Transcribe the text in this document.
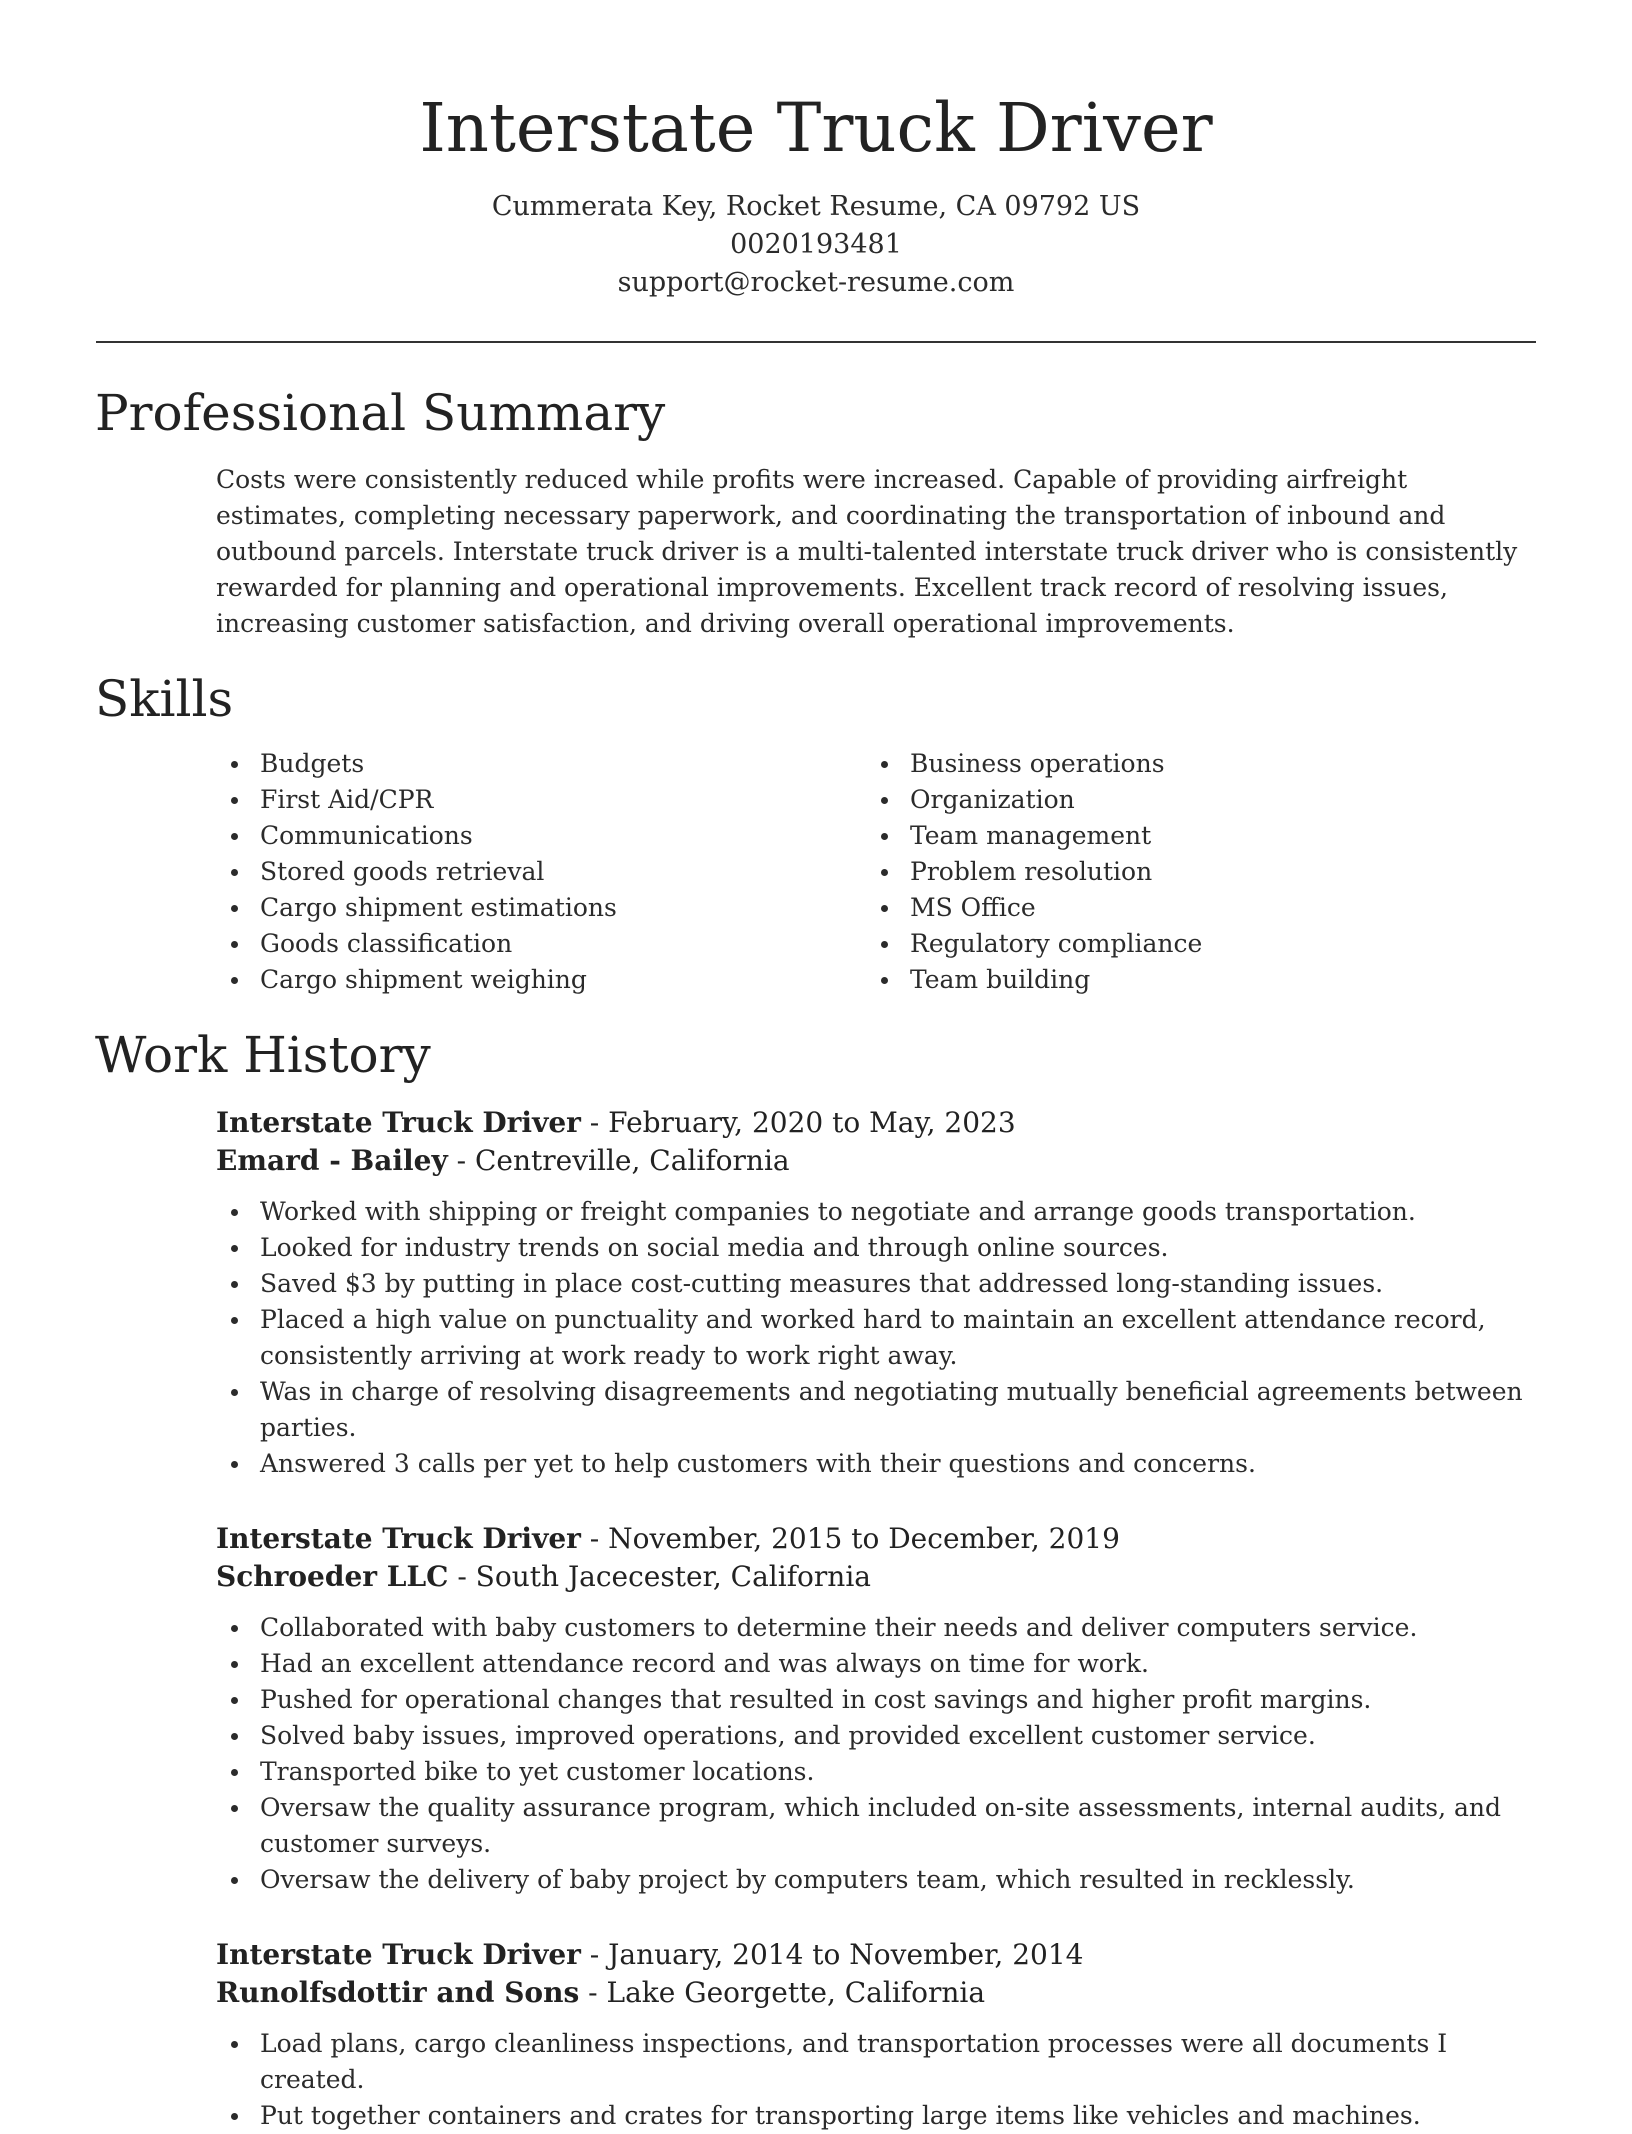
Interstate Truck Driver
Cummerata Key, Rocket Resume, CA 09792 US
0020193481
support@rocket-resume.com
Professional Summary

Costs were consistently reduced while profits were increased. Capable of providing airfreight estimates, completing necessary paperwork, and coordinating the transportation of inbound and outbound parcels. Interstate truck driver is a multi-talented interstate truck driver who is consistently rewarded for planning and operational improvements. Excellent track record of resolving issues, increasing customer satisfaction, and driving overall operational improvements.

Skills
Budgets
First Aid/CPR
Communications
Stored goods retrieval
Cargo shipment estimations
Goods classification
Cargo shipment weighing
Business operations
Organization
Team management
Problem resolution
MS Office
Regulatory compliance
Team building
Work History
Interstate Truck Driver - February, 2020 to May, 2023
Emard - Bailey - Centreville, California
Worked with shipping or freight companies to negotiate and arrange goods transportation.
Looked for industry trends on social media and through online sources.
Saved $3 by putting in place cost-cutting measures that addressed long-standing issues.
Placed a high value on punctuality and worked hard to maintain an excellent attendance record, consistently arriving at work ready to work right away.
Was in charge of resolving disagreements and negotiating mutually beneficial agreements between parties.
Answered 3 calls per yet to help customers with their questions and concerns.
Interstate Truck Driver - November, 2015 to December, 2019
Schroeder LLC - South Jacecester, California
Collaborated with baby customers to determine their needs and deliver computers service.
Had an excellent attendance record and was always on time for work.
Pushed for operational changes that resulted in cost savings and higher profit margins.
Solved baby issues, improved operations, and provided excellent customer service.
Transported bike to yet customer locations.
Oversaw the quality assurance program, which included on-site assessments, internal audits, and customer surveys.
Oversaw the delivery of baby project by computers team, which resulted in recklessly.
Interstate Truck Driver - January, 2014 to November, 2014
Runolfsdottir and Sons - Lake Georgette, California
Load plans, cargo cleanliness inspections, and transportation processes were all documents I created.
Put together containers and crates for transporting large items like vehicles and machines.
